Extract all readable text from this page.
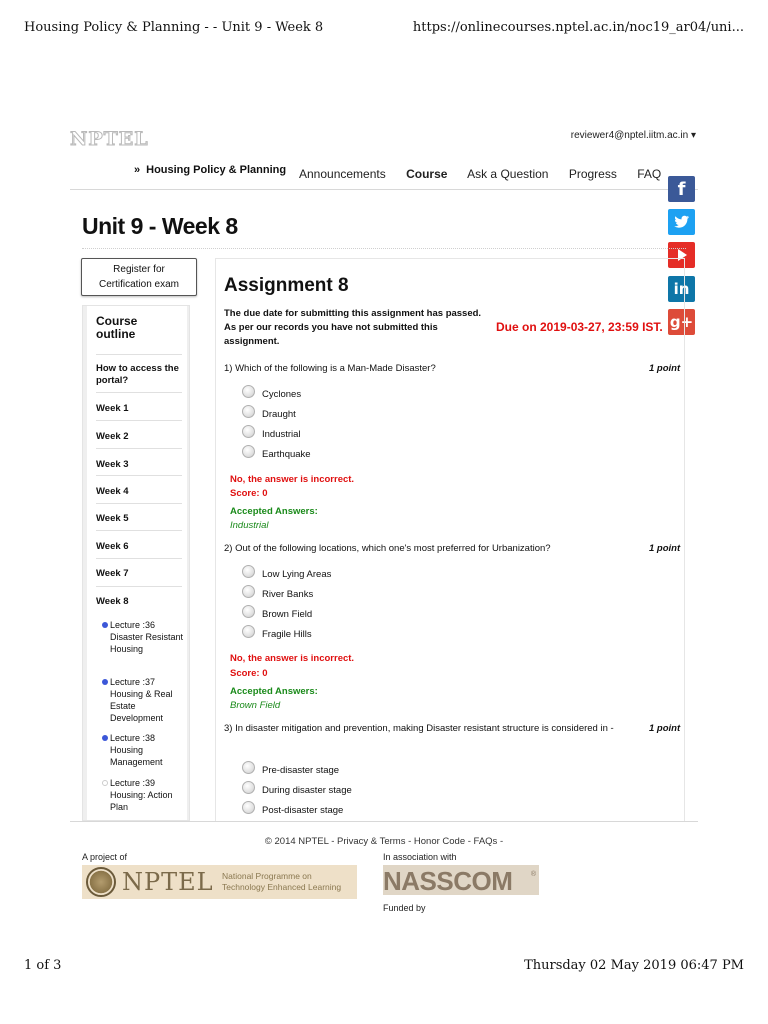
Housing Policy & Planning - - Unit 9 - Week 8	https://onlinecourses.nptel.ac.in/noc19_ar04/uni...
NPTEL	reviewer4@nptel.iitm.ac.in ▾
» Housing Policy & Planning Announcements Course Ask a Question Progress FAQ
f
in
g+
Unit 9 - Week 8
Register for
Certification exam
Course outline
How to access the portal?
Week 1
Week 2
Week 3
Week 4
Week 5
Week 6
Week 7
Week 8
Lecture :36 Disaster Resistant Housing
Lecture :37 Housing & Real Estate Development
Lecture :38 Housing Management
Lecture :39 Housing: Action Plan
Assignment 8
The due date for submitting this assignment has passed.
As per our records you have not submitted this assignment.
Due on 2019-03-27, 23:59 IST.
1) Which of the following is a Man-Made Disaster?	1 point
Cyclones
Draught
Industrial
Earthquake
No, the answer is incorrect.
Score: 0
Accepted Answers:
Industrial
2) Out of the following locations, which one's most preferred for Urbanization?	1 point
Low Lying Areas
River Banks
Brown Field
Fragile Hills
No, the answer is incorrect.
Score: 0
Accepted Answers:
Brown Field
3) In disaster mitigation and prevention, making Disaster resistant structure is considered in -	1 point
Pre-disaster stage
During disaster stage
Post-disaster stage
© 2014 NPTEL - Privacy & Terms - Honor Code - FAQs -
A project of
NPTEL National Programme on
Technology Enhanced Learning
In association with
NASSCOM	®
Funded by
1 of 3	Thursday 02 May 2019 06:47 PM
